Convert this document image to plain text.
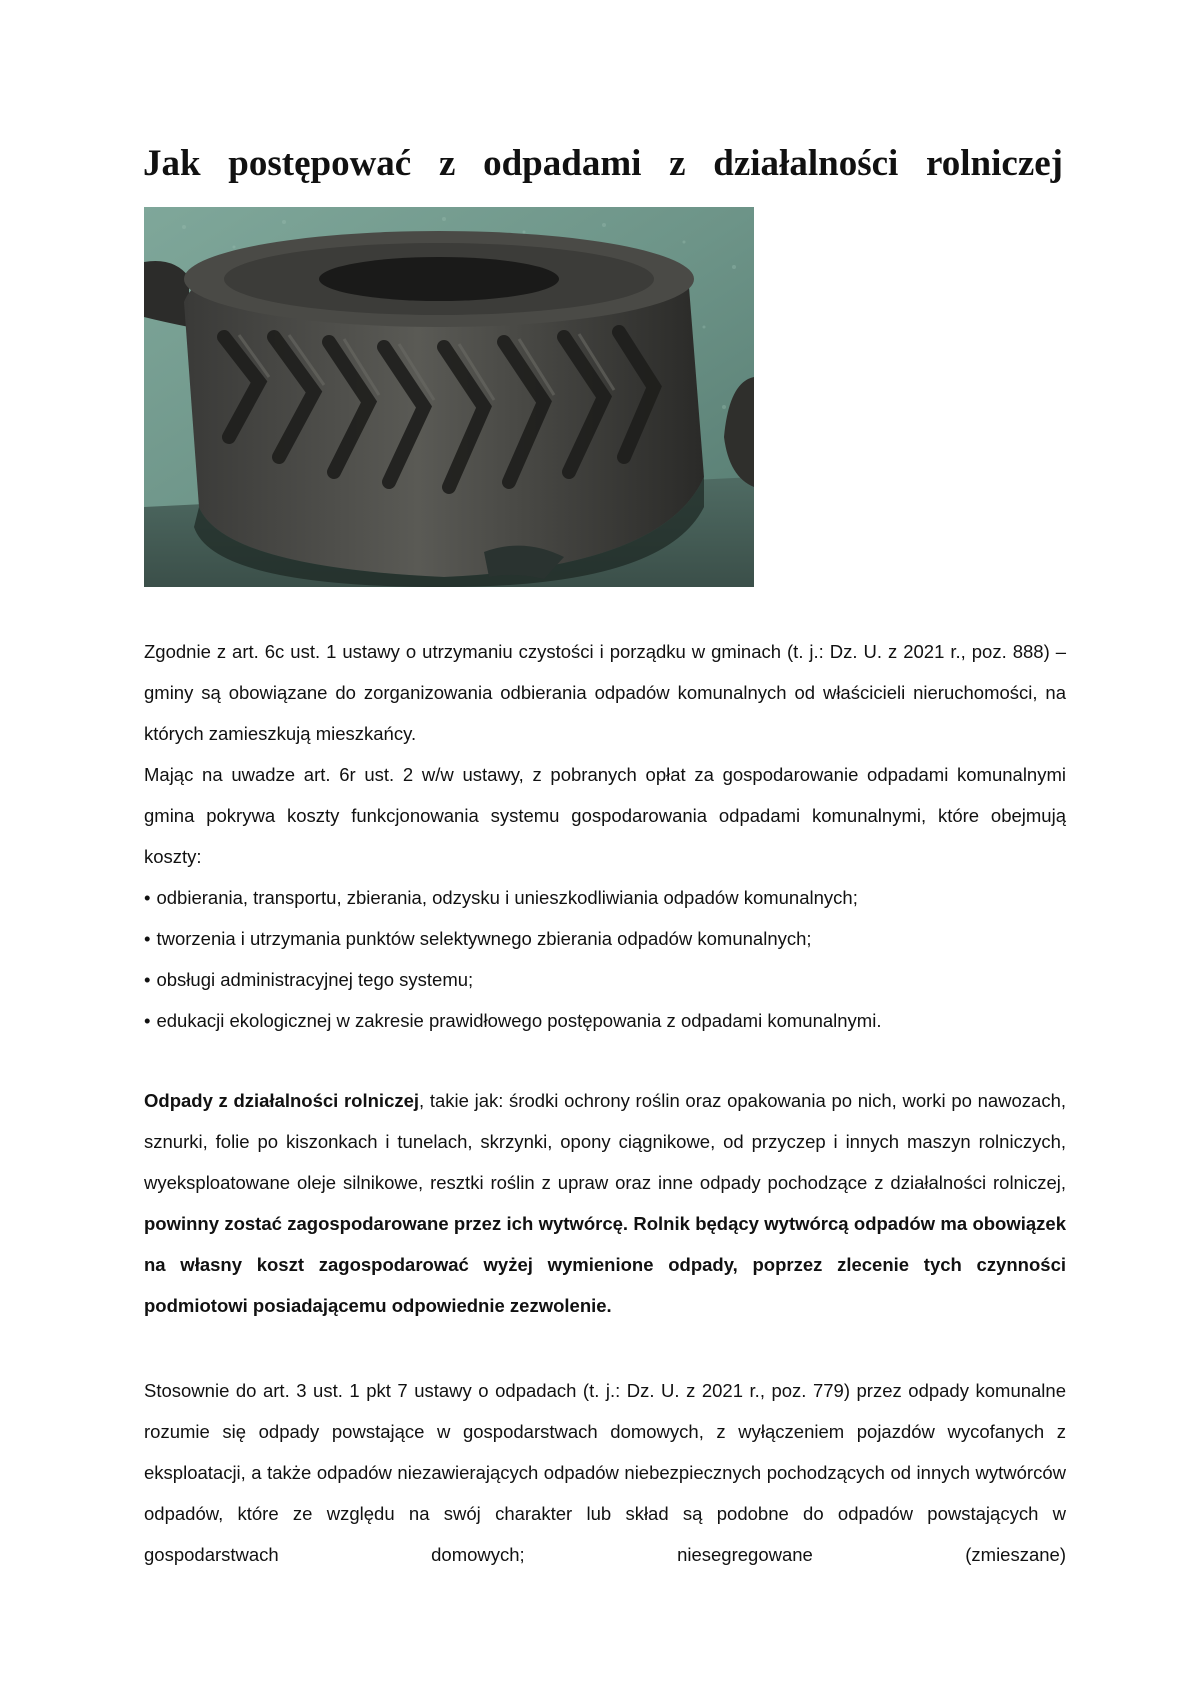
Jak postępować z odpadami z działalności rolniczej

Zgodnie z art. 6c ust. 1 ustawy o utrzymaniu czystości i porządku w gminach (t. j.: Dz. U. z 2021 r., poz. 888) – gminy są obowiązane do zorganizowania odbierania odpadów komunalnych od właścicieli nieruchomości, na których zamieszkują mieszkańcy.

Mając na uwadze art. 6r ust. 2 w/w ustawy, z pobranych opłat za gospodarowanie odpadami komunalnymi gmina pokrywa koszty funkcjonowania systemu gospodarowania odpadami komunalnymi, które obejmują koszty:

• odbierania, transportu, zbierania, odzysku i unieszkodliwiania odpadów komunalnych;
• tworzenia i utrzymania punktów selektywnego zbierania odpadów komunalnych;
• obsługi administracyjnej tego systemu;
• edukacji ekologicznej w zakresie prawidłowego postępowania z odpadami komunalnymi.

Odpady z działalności rolniczej, takie jak: środki ochrony roślin oraz opakowania po nich, worki po nawozach, sznurki, folie po kiszonkach i tunelach, skrzynki, opony ciągnikowe, od przyczep i innych maszyn rolniczych, wyeksploatowane oleje silnikowe, resztki roślin z upraw oraz inne odpady pochodzące z działalności rolniczej, powinny zostać zagospodarowane przez ich wytwórcę. Rolnik będący wytwórcą odpadów ma obowiązek na własny koszt zagospodarować wyżej wymienione odpady, poprzez zlecenie tych czynności podmiotowi posiadającemu odpowiednie zezwolenie.

Stosownie do art. 3 ust. 1 pkt 7 ustawy o odpadach (t. j.: Dz. U. z 2021 r., poz. 779) przez odpady komunalne rozumie się odpady powstające w gospodarstwach domowych, z wyłączeniem pojazdów wycofanych z eksploatacji, a także odpadów niezawierających odpadów niebezpiecznych pochodzących od innych wytwórców odpadów, które ze względu na swój charakter lub skład są podobne do odpadów powstających w gospodarstwach domowych; niesegregowane (zmieszane)
